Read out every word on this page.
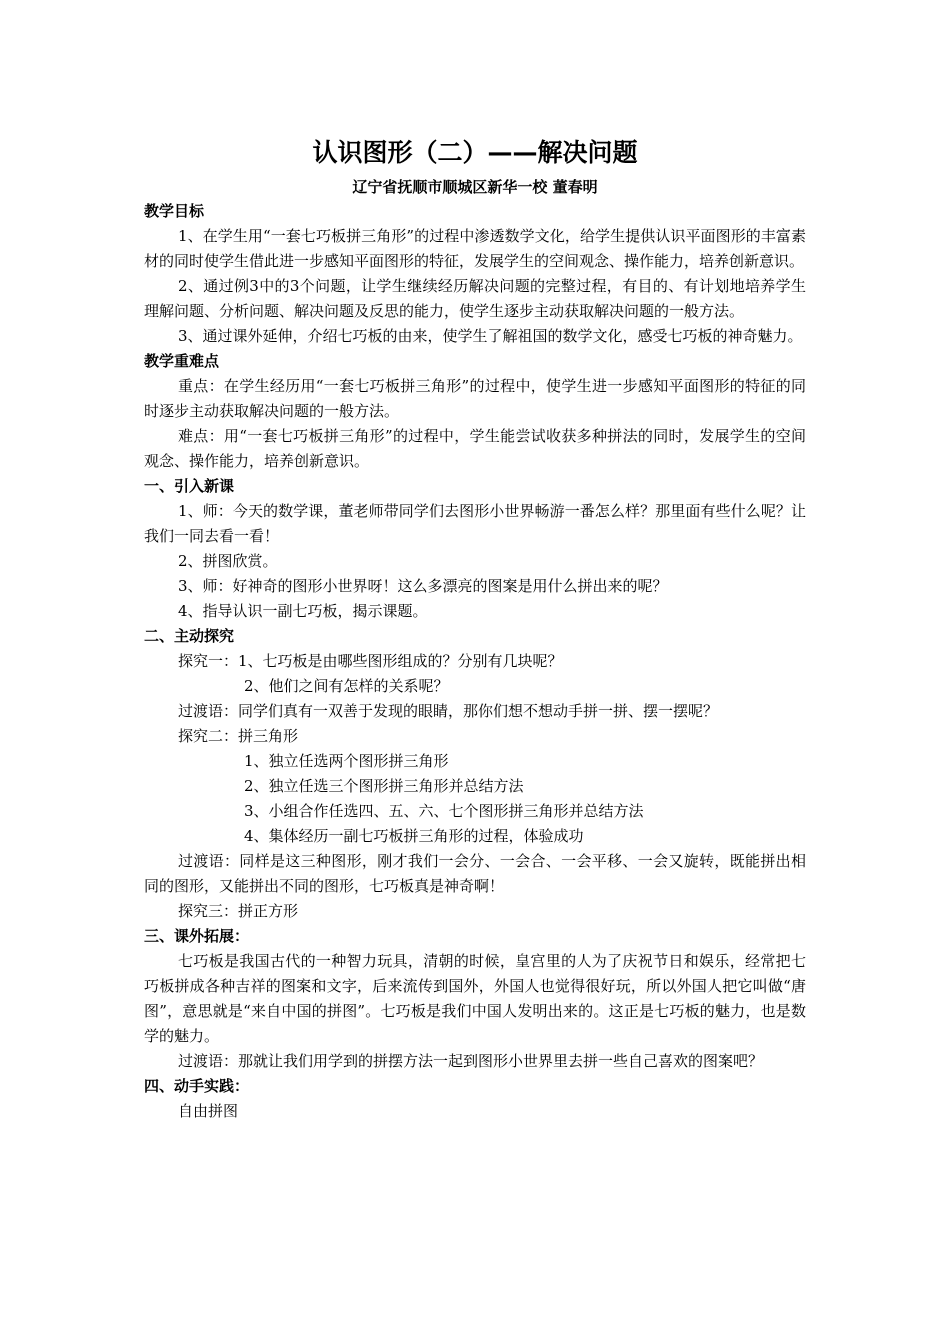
认识图形（二）——解决问题
辽宁省抚顺市顺城区新华一校 董春明
教学目标

1、在学生用“一套七巧板拼三角形”的过程中渗透数学文化，给学生提供认识平面图形的丰富素材的同时使学生借此进一步感知平面图形的特征，发展学生的空间观念、操作能力，培养创新意识。

2、通过例3中的3个问题，让学生继续经历解决问题的完整过程，有目的、有计划地培养学生理解问题、分析问题、解决问题及反思的能力，使学生逐步主动获取解决问题的一般方法。

3、通过课外延伸，介绍七巧板的由来，使学生了解祖国的数学文化，感受七巧板的神奇魅力。

教学重难点

重点：在学生经历用“一套七巧板拼三角形”的过程中，使学生进一步感知平面图形的特征的同时逐步主动获取解决问题的一般方法。

难点：用“一套七巧板拼三角形”的过程中，学生能尝试收获多种拼法的同时，发展学生的空间观念、操作能力，培养创新意识。

一、引入新课

1、师：今天的数学课，董老师带同学们去图形小世界畅游一番怎么样？那里面有些什么呢？让我们一同去看一看！

2、拼图欣赏。

3、师：好神奇的图形小世界呀！这么多漂亮的图案是用什么拼出来的呢？

4、指导认识一副七巧板，揭示课题。

二、主动探究

探究一：1、七巧板是由哪些图形组成的？分别有几块呢？

2、他们之间有怎样的关系呢？

过渡语：同学们真有一双善于发现的眼睛，那你们想不想动手拼一拼、摆一摆呢？

探究二：拼三角形

1、独立任选两个图形拼三角形

2、独立任选三个图形拼三角形并总结方法

3、小组合作任选四、五、六、七个图形拼三角形并总结方法

4、集体经历一副七巧板拼三角形的过程，体验成功

过渡语：同样是这三种图形，刚才我们一会分、一会合、一会平移、一会又旋转，既能拼出相同的图形，又能拼出不同的图形，七巧板真是神奇啊！

探究三：拼正方形

三、课外拓展：

七巧板是我国古代的一种智力玩具，清朝的时候，皇宫里的人为了庆祝节日和娱乐，经常把七巧板拼成各种吉祥的图案和文字，后来流传到国外，外国人也觉得很好玩，所以外国人把它叫做“唐图”，意思就是“来自中国的拼图”。七巧板是我们中国人发明出来的。这正是七巧板的魅力，也是数学的魅力。

过渡语：那就让我们用学到的拼摆方法一起到图形小世界里去拼一些自己喜欢的图案吧？

四、动手实践：

自由拼图
